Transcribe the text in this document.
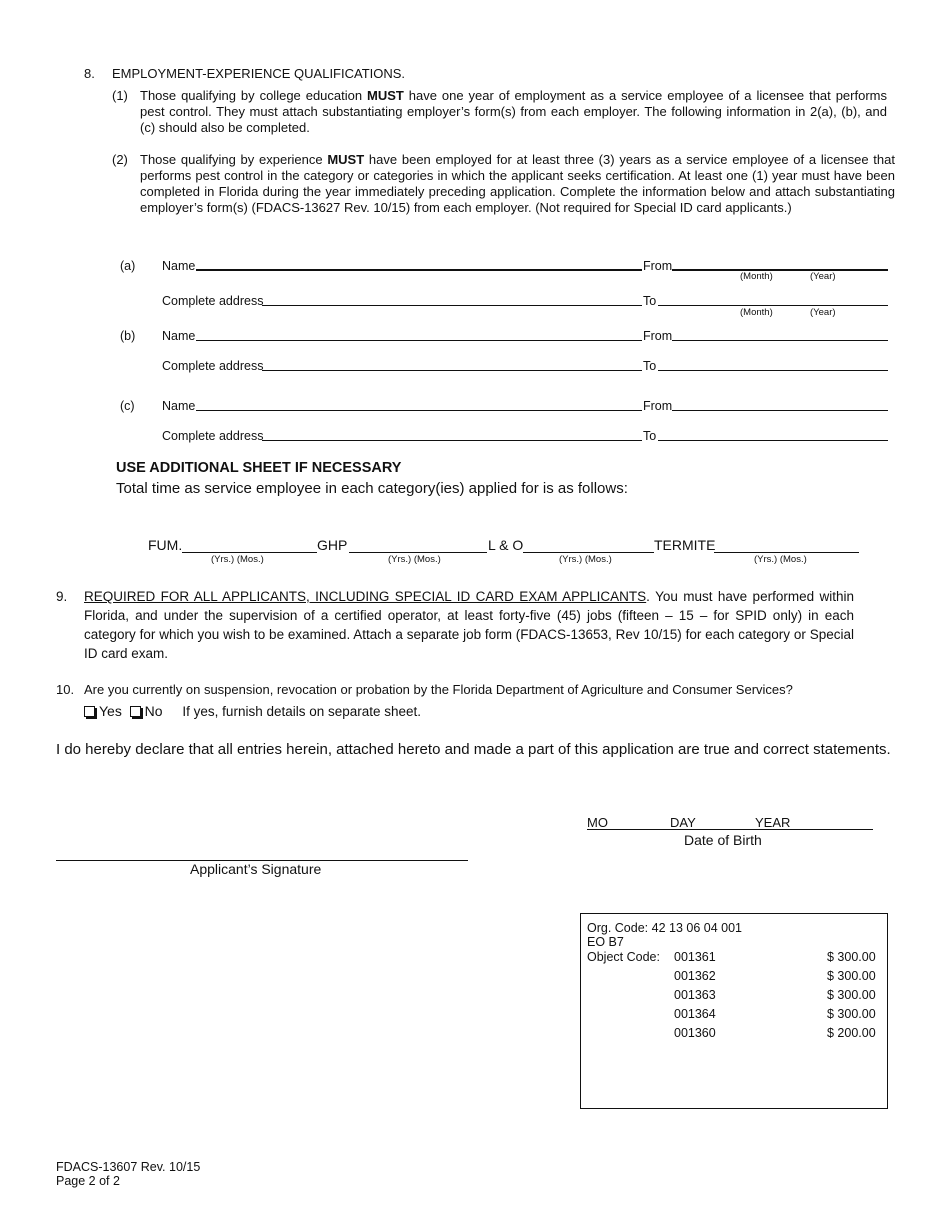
8. EMPLOYMENT-EXPERIENCE QUALIFICATIONS.
(1) Those qualifying by college education MUST have one year of employment as a service employee of a licensee that performs pest control. They must attach substantiating employer’s form(s) from each employer. The following information in 2(a), (b), and (c) should also be completed.
(2) Those qualifying by experience MUST have been employed for at least three (3) years as a service employee of a licensee that performs pest control in the category or categories in which the applicant seeks certification. At least one (1) year must have been completed in Florida during the year immediately preceding application. Complete the information below and attach substantiating employer’s form(s) (FDACS-13627 Rev. 10/15) from each employer. (Not required for Special ID card applicants.)
(a) Name	From
(Month)	(Year)
Complete address	To
(Month)	(Year)
(b) Name	From
Complete address	To
(c) Name	From
Complete address	To
USE ADDITIONAL SHEET IF NECESSARY
Total time as service employee in each category(ies) applied for is as follows:
FUM.
(Yrs.) (Mos.)
GHP
(Yrs.) (Mos.)
L & O
(Yrs.) (Mos.)
TERMITE
(Yrs.) (Mos.)
9. REQUIRED FOR ALL APPLICANTS, INCLUDING SPECIAL ID CARD EXAM APPLICANTS. You must have performed within Florida, and under the supervision of a certified operator, at least forty-five (45) jobs (fifteen – 15 – for SPID only) in each category for which you wish to be examined. Attach a separate job form (FDACS-13653, Rev 10/15) for each category or Special ID card exam.
10. Are you currently on suspension, revocation or probation by the Florida Department of Agriculture and Consumer Services?
Yes No If yes, furnish details on separate sheet.
I do hereby declare that all entries herein, attached hereto and made a part of this application are true and correct statements.
MO	DAY	YEAR
Date of Birth
Applicant’s Signature
Org. Code: 42 13 06 04 001
EO B7
Object Code: 001361	$ 300.00
001362	$ 300.00
001363	$ 300.00
001364	$ 300.00
001360	$ 200.00
FDACS-13607 Rev. 10/15
Page 2 of 2
